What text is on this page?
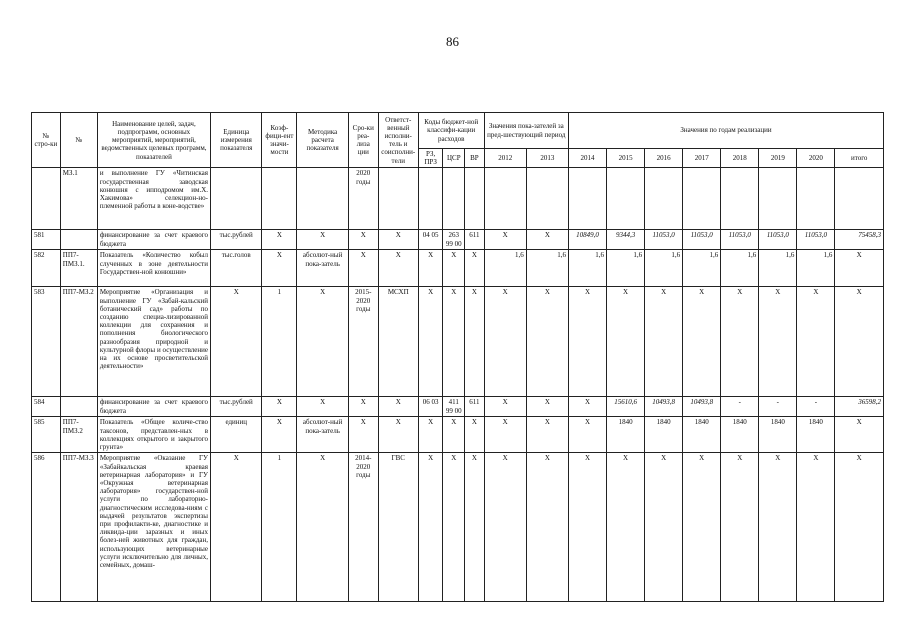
86
№ стро-ки	№	Наименование целей, задач, подпрограмм, основных мероприятий, мероприятий, ведомственных целевых программ, показателей	Единица измерения показателя	Коэф-фици-ент значи-мости	Методика расчета показателя	Сро-ки реа-лиза ции	Ответст-венный исполни-тель и соисполни-тели	Коды бюджет-ной классифи-кации расходов			Значения пока-зателей за пред-шествующий период		Значения по годам реализации							
								РЗ, ПРЗ	ЦСР	ВР	2012	2013	2014	2015	2016	2017	2018	2019	2020	итого
	МЗ.1	и выполнение ГУ «Читинская государственная заводская конюшня с ипподромом им.Х. Хакимова» селекцион-но-племенной работы в коне-водстве»				2020 годы														
581		финансирование за счет краевого бюджета	тыс.рублей	X	X	X	X	04 05	263 99 00	611	X	X	10849,0	9344,3	11053,0	11053,0	11053,0	11053,0	11053,0	75458,3
582	ПП7-ПМЗ.1.	Показатель «Количество кобыл слученных в зоне деятельности Государствен-ной конюшни»	тыс.голов	X	абсолют-ный пока-затель	X	X	X	X	X	1,6	1,6	1,6	1,6	1,6	1,6	1,6	1,6	1,6	X
583	ПП7-МЗ.2	Мероприятие «Организация и выполнение ГУ «Забай-кальский ботанический сад» работы по созданию специа-лизированной коллекции для сохранения и пополнения биологического разнообразия природной и культурной флоры и осуществление на их основе просветительской деятельности»	X	1	X	2015-2020 годы	МСХП	X	X	X	X	X	X	X	X	X	X	X	X	X
584		финансирование за счет краевого бюджета	тыс.рублей	X	X	X	X	06 03	411 99 00	611	X	X	X	15610,6	10493,8	10493,8	-	-	-	36598,2
585	ПП7-ПМЗ.2	Показатель «Общее количе-ство таксонов, представлен-ных в коллекциях открытого и закрытого грунта»	единиц	X	абсолют-ный пока-затель	X	X	X	X	X	X	X	X	1840	1840	1840	1840	1840	1840	X
586	ПП7-МЗ.3	Мероприятие «Оказание ГУ «Забайкальская краевая ветеринарная лаборатория» и ГУ «Окружная ветеринарная лаборатория» государствен-ной услуги по лабораторно-диагностическим исследова-ниям с выдачей результатов экспертизы при профилакти-ке, диагностике и ликвида-ции заразных и иных болез-ней животных для граждан, использующих ветеринарные услуги исключительно для личных, семейных, домаш-	X	1	X	2014-2020 годы	ГВС	X	X	X	X	X	X	X	X	X	X	X	X	X
